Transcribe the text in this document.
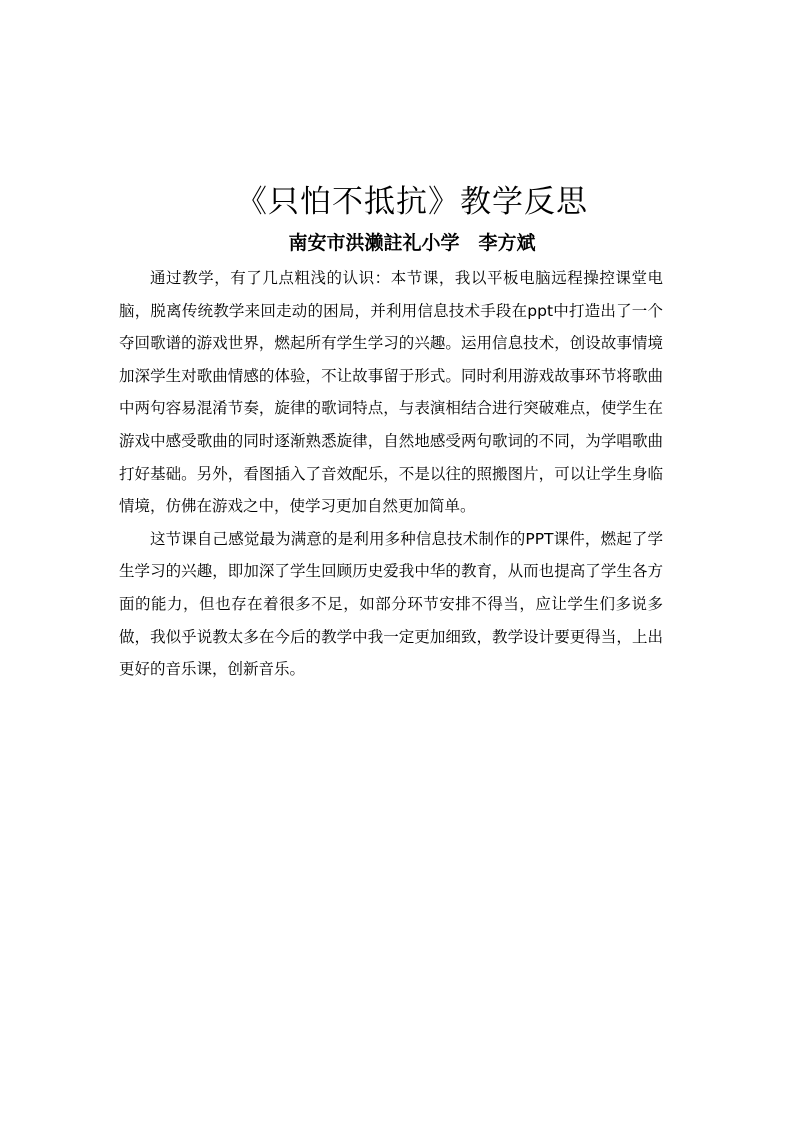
《只怕不抵抗》教学反思
南安市洪濑註礼小学　李方斌

通过教学，有了几点粗浅的认识：本节课，我以平板电脑远程操控课堂电脑，脱离传统教学来回走动的困局，并利用信息技术手段在ppt中打造出了一个夺回歌谱的游戏世界，燃起所有学生学习的兴趣。运用信息技术，创设故事情境加深学生对歌曲情感的体验，不让故事留于形式。同时利用游戏故事环节将歌曲中两句容易混淆节奏，旋律的歌词特点，与表演相结合进行突破难点，使学生在游戏中感受歌曲的同时逐渐熟悉旋律，自然地感受两句歌词的不同，为学唱歌曲打好基础。另外，看图插入了音效配乐，不是以往的照搬图片，可以让学生身临情境，仿佛在游戏之中，使学习更加自然更加简单。

这节课自己感觉最为满意的是利用多种信息技术制作的PPT课件，燃起了学生学习的兴趣，即加深了学生回顾历史爱我中华的教育，从而也提高了学生各方面的能力，但也存在着很多不足，如部分环节安排不得当，应让学生们多说多做，我似乎说教太多在今后的教学中我一定更加细致，教学设计要更得当，上出更好的音乐课，创新音乐。
